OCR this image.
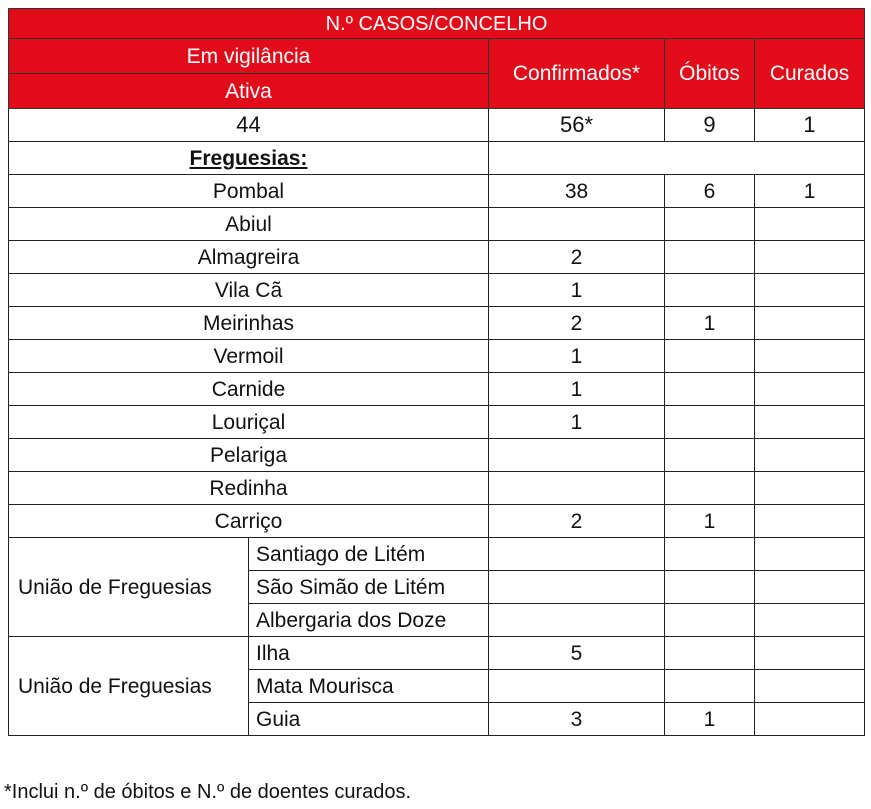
N.º CASOS/CONCELHO				
Em vigilância		Confirmados*	Óbitos	Curados
Ativa				
44		56*	9	1
Freguesias:				
Pombal		38	6	1
Abiul				
Almagreira		2		
Vila Cã		1		
Meirinhas		2	1	
Vermoil		1		
Carnide		1		
Louriçal		1		
Pelariga				
Redinha				
Carriço		2	1	
União de Freguesias	Santiago de Litém			
	São Simão de Litém			
	Albergaria dos Doze			
União de Freguesias	Ilha	5		
	Mata Mourisca			
	Guia	3	1	
*Inclui n.º de óbitos e N.º de doentes curados.
